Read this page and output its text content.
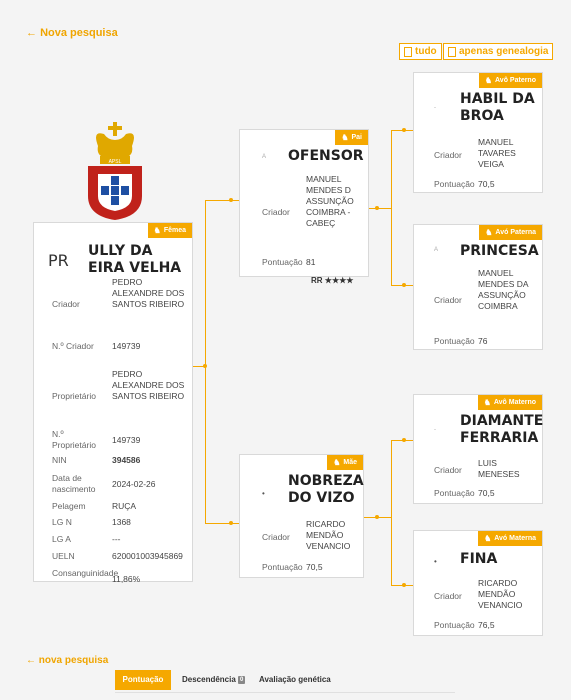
← Nova pesquisa
tudo apenas genealogia
APSL
♞ Fêmea
PR ULLY DA EIRA VELHA
Criador
PEDRO ALEXANDRE DOS SANTOS RIBEIRO
N.º Criador	149739
Proprietário
PEDRO ALEXANDRE DOS SANTOS RIBEIRO
N.º Proprietário	149739
NIN	394586
Data de nascimento	2024-02-26
Pelagem	RUÇA
LG N	1368
LG A	---
UELN	620001003945869
Consanguinidade
11,86%
♞ Pai
A OFENSOR
Criador
MANUEL MENDES D ASSUNÇÃO COIMBRA - CABEÇ
Pontuação 81
RR ★★★★
♞ Mãe
•
NOBREZA DO VIZO
Criador
RICARDO MENDÃO VENANCIO
Pontuação 70,5
♞ Avô Paterno
-
HABIL DA BROA
Criador
MANUEL TAVARES VEIGA
Pontuação 70,5
♞ Avó Paterna
A PRINCESA
Criador
MANUEL MENDES DA ASSUNÇÃO COIMBRA
Pontuação 76
♞ Avô Materno
-
DIAMANTE FERRARIA
Criador
LUIS MENESES
Pontuação 70,5
♞ Avó Materna
• FINA
Criador
RICARDO MENDÃO VENANCIO
Pontuação 76,5
← nova pesquisa
Pontuação	Descendência 0	Avaliação genética
